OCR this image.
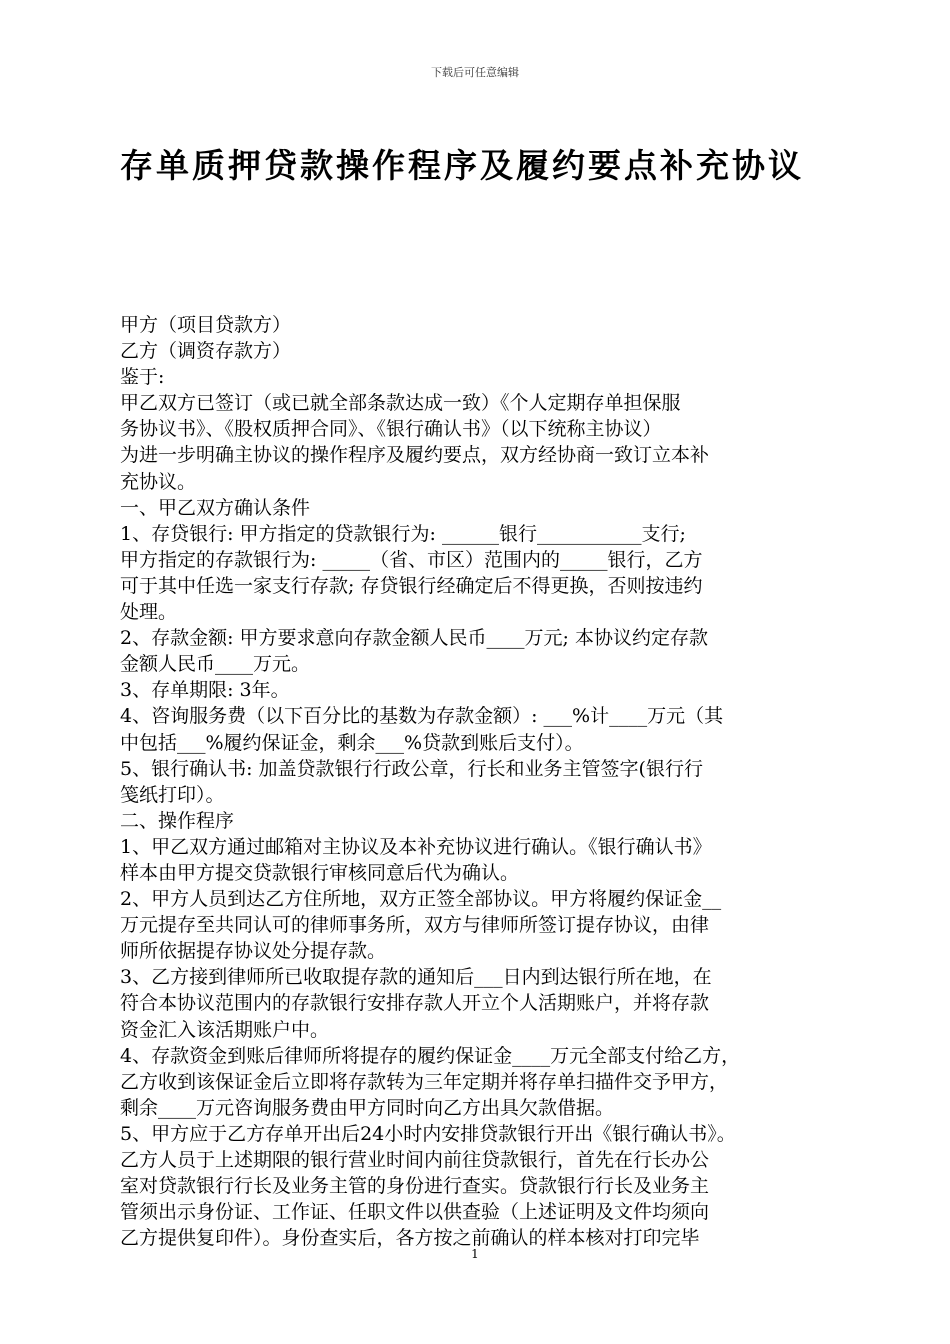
下载后可任意编辑
存单质押贷款操作程序及履约要点补充协议
甲方（项目贷款方）
乙方（调资存款方）
鉴于:
甲乙双方已签订（或已就全部条款达成一致）《个人定期存单担保服
务协议书》、《股权质押合同》、《银行确认书》（以下统称主协议）
为进一步明确主协议的操作程序及履约要点，双方经协商一致订立本补
充协议。
一、甲乙双方确认条件
1、存贷银行: 甲方指定的贷款银行为: ______银行___________支行;
甲方指定的存款银行为: _____（省、市区）范围内的_____银行，乙方
可于其中任选一家支行存款; 存贷银行经确定后不得更换，否则按违约
处理。
2、存款金额: 甲方要求意向存款金额人民币____万元; 本协议约定存款
金额人民币____万元。
3、存单期限: 3年。
4、咨询服务费（以下百分比的基数为存款金额）: ___%计____万元（其
中包括___%履约保证金，剩余___%贷款到账后支付）。
5、银行确认书: 加盖贷款银行行政公章，行长和业务主管签字(银行行
笺纸打印）。
二、操作程序
1、甲乙双方通过邮箱对主协议及本补充协议进行确认。《银行确认书》
样本由甲方提交贷款银行审核同意后代为确认。
2、甲方人员到达乙方住所地，双方正签全部协议。甲方将履约保证金__
万元提存至共同认可的律师事务所，双方与律师所签订提存协议，由律
师所依据提存协议处分提存款。
3、乙方接到律师所已收取提存款的通知后___日内到达银行所在地，在
符合本协议范围内的存款银行安排存款人开立个人活期账户，并将存款
资金汇入该活期账户中。
4、存款资金到账后律师所将提存的履约保证金____万元全部支付给乙方，
乙方收到该保证金后立即将存款转为三年定期并将存单扫描件交予甲方，
剩余____万元咨询服务费由甲方同时向乙方出具欠款借据。
5、甲方应于乙方存单开出后24小时内安排贷款银行开出《银行确认书》。
乙方人员于上述期限的银行营业时间内前往贷款银行，首先在行长办公
室对贷款银行行长及业务主管的身份进行查实。贷款银行行长及业务主
管须出示身份证、工作证、任职文件以供查验（上述证明及文件均须向
乙方提供复印件）。身份查实后，各方按之前确认的样本核对打印完毕
1
